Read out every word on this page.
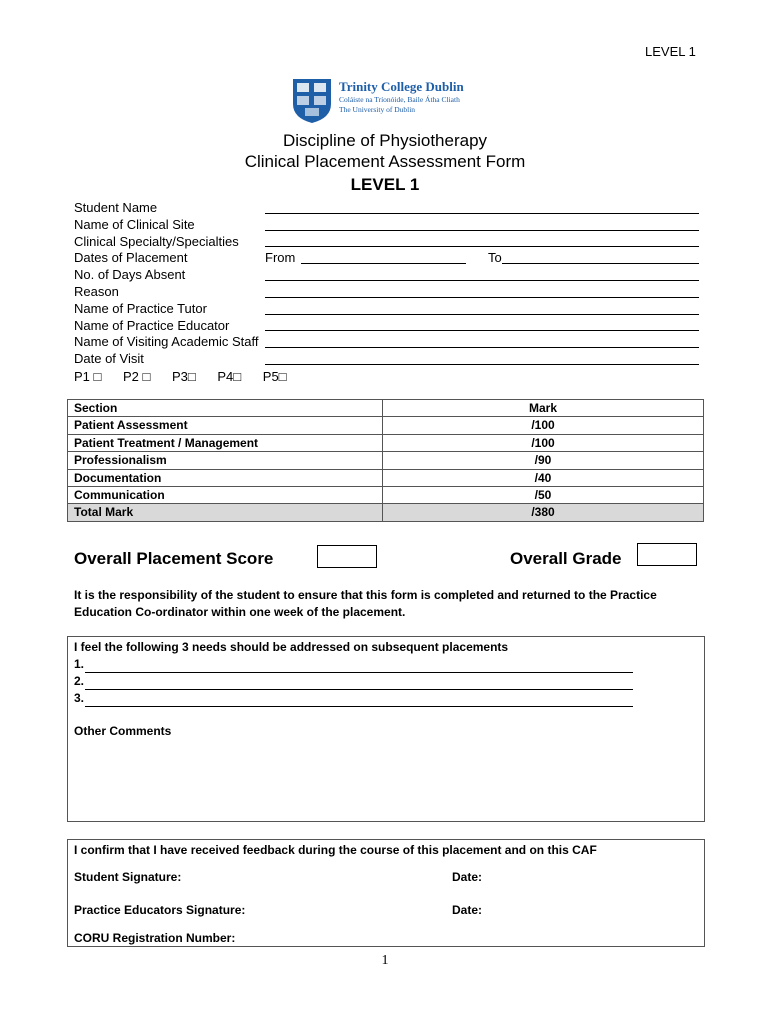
LEVEL 1
Trinity College Dublin
Coláiste na Tríonóide, Baile Átha Cliath
The University of Dublin
Discipline of Physiotherapy
Clinical Placement Assessment Form
LEVEL 1
Student Name
Name of Clinical Site
Clinical Specialty/Specialties
Dates of Placement	From	To
No. of Days Absent
Reason
Name of Practice Tutor
Name of Practice Educator
Name of Visiting Academic Staff
Date of Visit
P1 □ P2 □ P3□ P4□ P5□
Section	Mark
Patient Assessment	/100
Patient Treatment / Management	/100
Professionalism	/90
Documentation	/40
Communication	/50
Total Mark	/380
Overall Placement Score	Overall Grade
It is the responsibility of the student to ensure that this form is completed and returned to the Practice Education Co-ordinator within one week of the placement.
I feel the following 3 needs should be addressed on subsequent placements
1.
2.
3.
Other Comments
I confirm that I have received feedback during the course of this placement and on this CAF
Student Signature:	Date:
Practice Educators Signature:	Date:
CORU Registration Number:
1
